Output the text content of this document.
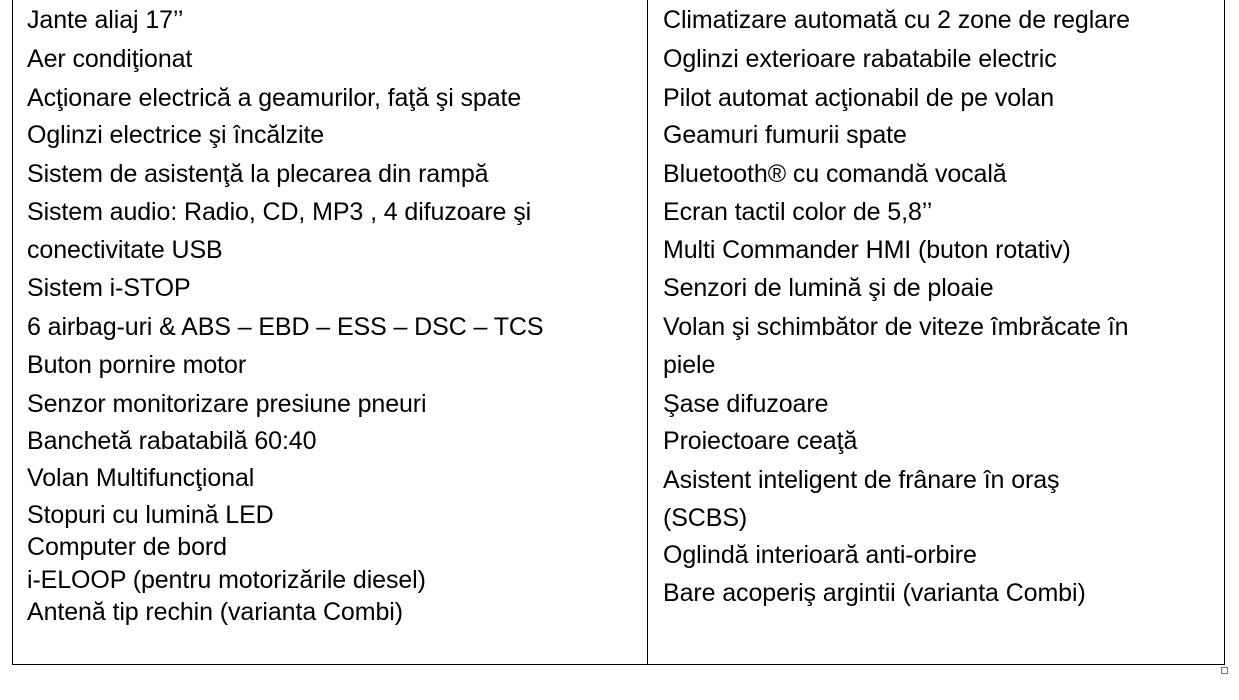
Jante aliaj 17’’
Aer condiţionat
Acţionare electrică a geamurilor, faţă şi spate
Oglinzi electrice şi încălzite
Sistem de asistenţă la plecarea din rampă
Sistem audio: Radio, CD, MP3 , 4 difuzoare şi
conectivitate USB
Sistem i-STOP
6 airbag-uri & ABS – EBD – ESS – DSC – TCS
Buton pornire motor
Senzor monitorizare presiune pneuri
Banchetă rabatabilă 60:40
Volan Multifuncţional
Stopuri cu lumină LED
Computer de bord
i-ELOOP (pentru motorizările diesel)
Antenă tip rechin (varianta Combi)

Climatizare automată cu 2 zone de reglare
Oglinzi exterioare rabatabile electric
Pilot automat acţionabil de pe volan
Geamuri fumurii spate
Bluetooth® cu comandă vocală
Ecran tactil color de 5,8’’
Multi Commander HMI (buton rotativ)
Senzori de lumină şi de ploaie
Volan şi schimbător de viteze îmbrăcate în
piele
Şase difuzoare
Proiectoare ceaţă
Asistent inteligent de frânare în oraş
(SCBS)
Oglindă interioară anti-orbire
Bare acoperiş argintii (varianta Combi)
